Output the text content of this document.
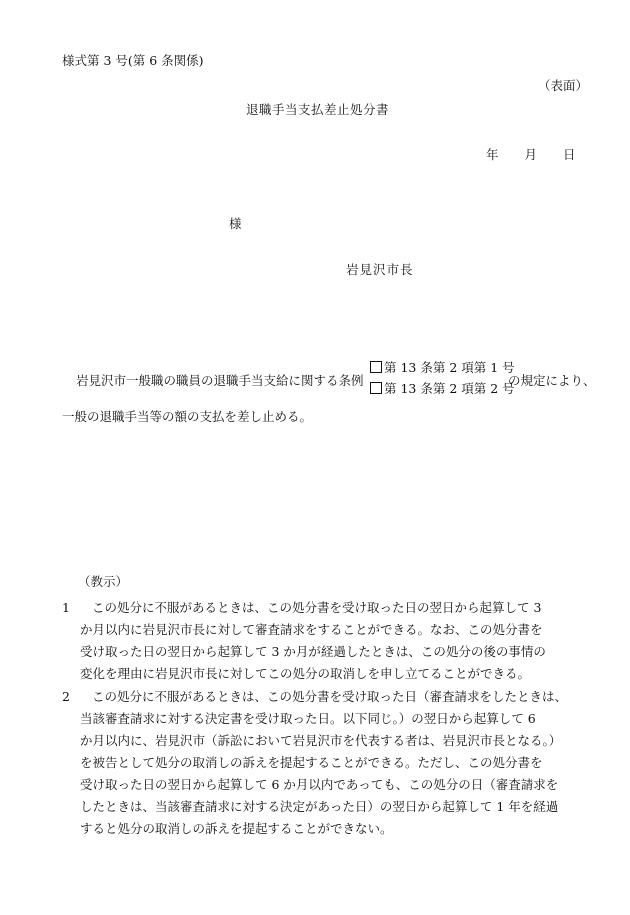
様式第 3 号(第 6 条関係)
（表面）
退職手当支払差止処分書
年 月 日
様
岩見沢市長
岩見沢市一般職の職員の退職手当支給に関する条例
第 13 条第 2 項第 1 号
第 13 条第 2 項第 2 号
の規定により、
一般の退職手当等の額の支払を差し止める。
（教示）
1 この処分に不服があるときは、この処分書を受け取った日の翌日から起算して 3
か月以内に岩見沢市長に対して審査請求をすることができる。なお、この処分書を
受け取った日の翌日から起算して 3 か月が経過したときは、この処分の後の事情の
変化を理由に岩見沢市長に対してこの処分の取消しを申し立てることができる。
2 この処分に不服があるときは、この処分書を受け取った日（審査請求をしたときは、
当該審査請求に対する決定書を受け取った日。以下同じ。）の翌日から起算して 6
か月以内に、岩見沢市（訴訟において岩見沢市を代表する者は、岩見沢市長となる。）
を被告として処分の取消しの訴えを提起することができる。ただし、この処分書を
受け取った日の翌日から起算して 6 か月以内であっても、この処分の日（審査請求を
したときは、当該審査請求に対する決定があった日）の翌日から起算して 1 年を経過
すると処分の取消しの訴えを提起することができない。
